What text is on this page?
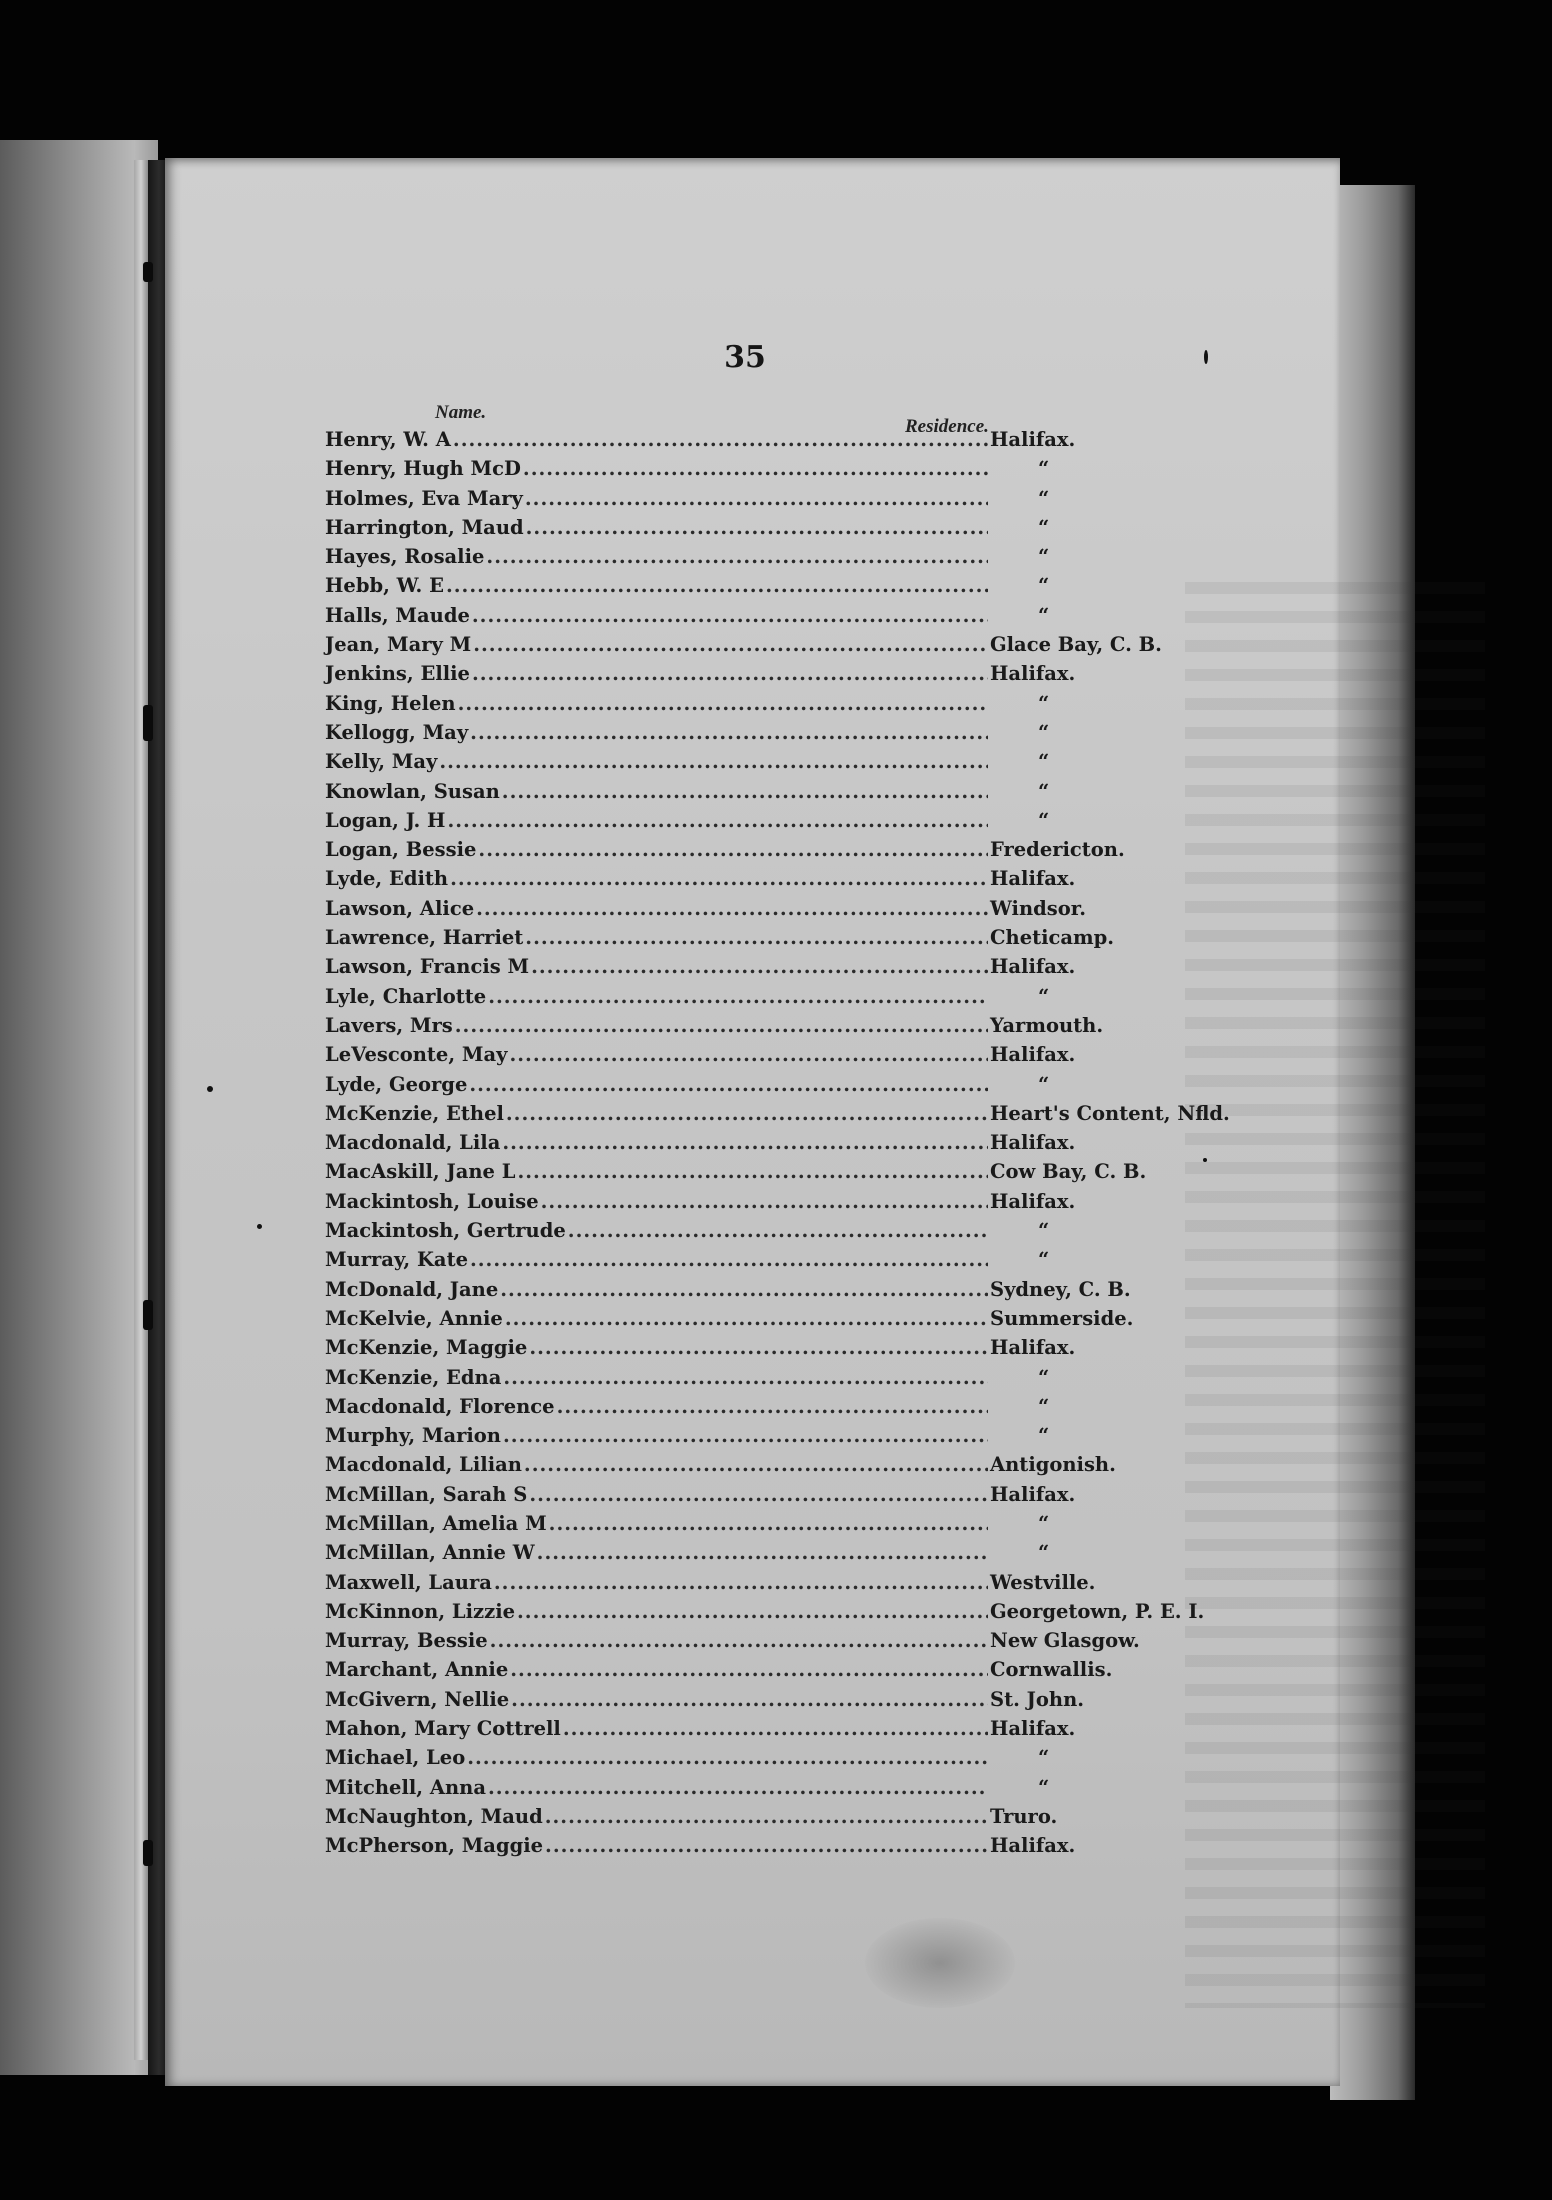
35
Name.
Residence.
Henry, W. A .....	Halifax.
Henry, Hugh McD .....	“
Holmes, Eva Mary .....	“
Harrington, Maud .....	“
Hayes, Rosalie .....	“
Hebb, W. E .....	“
Halls, Maude .....	“
Jean, Mary M .....	Glace Bay, C. B.
Jenkins, Ellie .....	Halifax.
King, Helen .....	“
Kellogg, May .....	“
Kelly, May .....	“
Knowlan, Susan .....	“
Logan, J. H .....	“
Logan, Bessie .....	Fredericton.
Lyde, Edith .....	Halifax.
Lawson, Alice .....	Windsor.
Lawrence, Harriet .....	Cheticamp.
Lawson, Francis M .....	Halifax.
Lyle, Charlotte .....	“
Lavers, Mrs .....	Yarmouth.
LeVesconte, May .....	Halifax.
Lyde, George .....	“
McKenzie, Ethel .....	Heart's Content, Nfld.
Macdonald, Lila .....	Halifax.
MacAskill, Jane L .....	Cow Bay, C. B.
Mackintosh, Louise .....	Halifax.
Mackintosh, Gertrude .....	“
Murray, Kate .....	“
McDonald, Jane .....	Sydney, C. B.
McKelvie, Annie .....	Summerside.
McKenzie, Maggie .....	Halifax.
McKenzie, Edna .....	“
Macdonald, Florence .....	“
Murphy, Marion .....	“
Macdonald, Lilian .....	Antigonish.
McMillan, Sarah S .....	Halifax.
McMillan, Amelia M .....	“
McMillan, Annie W .....	“
Maxwell, Laura .....	Westville.
McKinnon, Lizzie .....	Georgetown, P. E. I.
Murray, Bessie .....	New Glasgow.
Marchant, Annie .....	Cornwallis.
McGivern, Nellie .....	St. John.
Mahon, Mary Cottrell .....	Halifax.
Michael, Leo .....	“
Mitchell, Anna .....	“
McNaughton, Maud .....	Truro.
McPherson, Maggie .....	Halifax.
